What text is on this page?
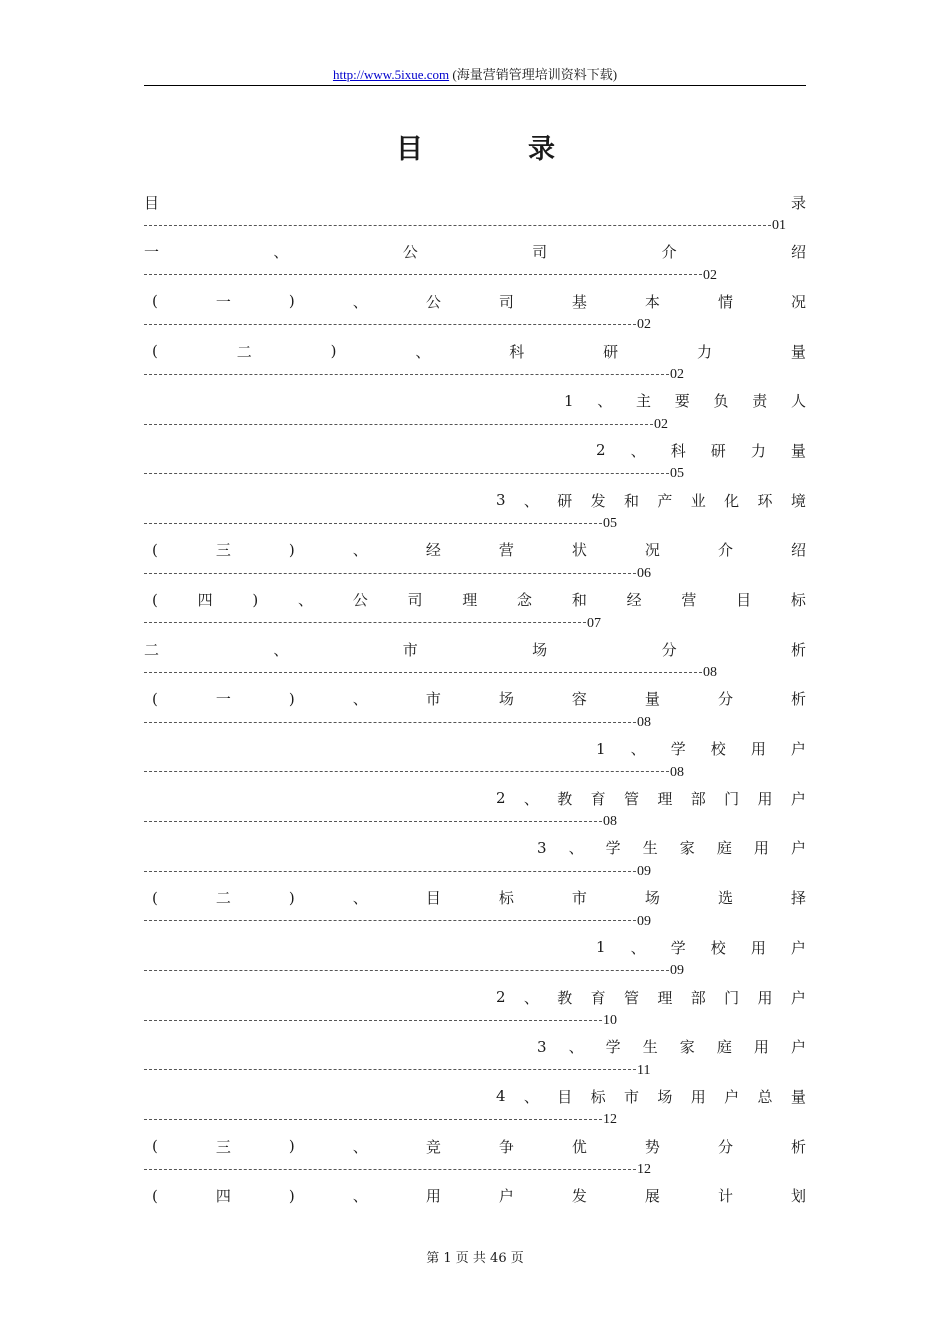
http://www.5ixue.com (海量营销管理培训资料下载)
目	录
目	录
01
一	、	公	司	介	绍
02
(	一	)	、	公	司	基	本	情	况
02
(	二	)	、	科	研	力	量
02
1 、 主 要 负 责 人
02
2 、 科 研 力 量
05
3 、 研 发 和 产 业 化 环 境
05
(	三	)	、	经	营	状	况	介	绍
06
(	四	)	、	公	司	理	念	和	经	营	目	标
07
二	、	市	场	分	析
08
(	一	)	、	市	场	容	量	分	析
08
1 、 学 校 用 户
08
2 、 教 育 管 理 部 门 用 户
08
3 、 学 生 家 庭 用 户
09
(	二	)	、	目	标	市	场	选	择
09
1 、 学 校 用 户
09
2 、 教 育 管 理 部 门 用 户
10
3 、 学 生 家 庭 用 户
11
4 、 目 标 市 场 用 户 总 量
12
(	三	)	、	竞	争	优	势	分	析
12
(	四	)	、	用	户	发	展	计	划
第 1 页 共 46 页
